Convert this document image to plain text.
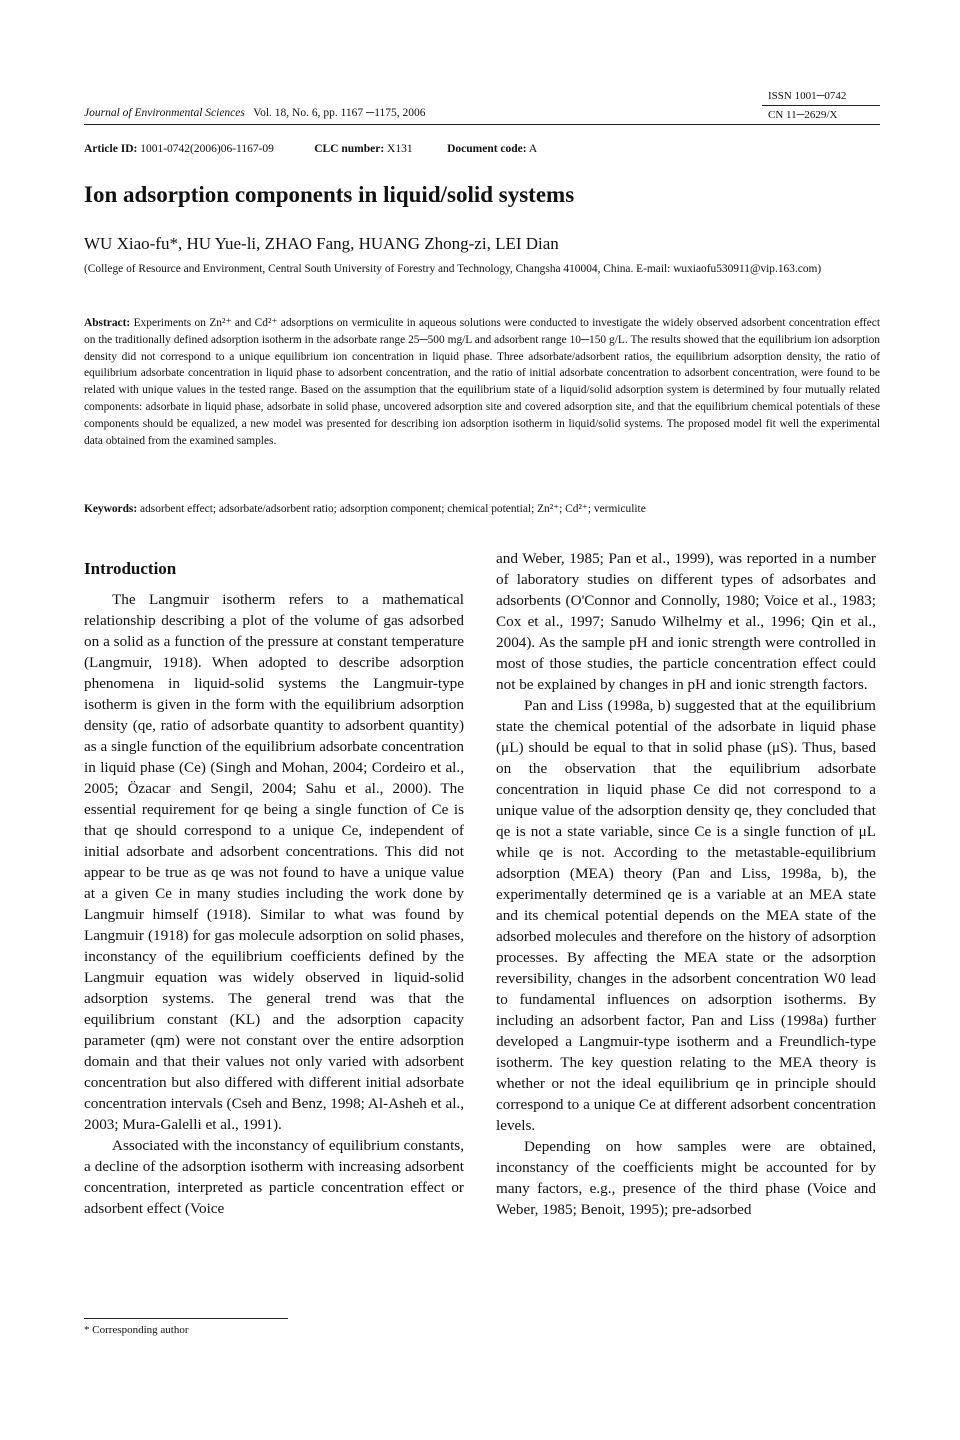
Journal of Environmental Sciences Vol. 18, No. 6, pp. 1167 ─1175, 2006
ISSN 1001─0742
CN 11─2629/X
Article ID: 1001-0742(2006)06-1167-09	CLC number: X131	Document code: A
Ion adsorption components in liquid/solid systems
WU Xiao-fu*, HU Yue-li, ZHAO Fang, HUANG Zhong-zi, LEI Dian
(College of Resource and Environment, Central South University of Forestry and Technology, Changsha 410004, China. E-mail: wuxiaofu530911@vip.163.com)
Abstract: Experiments on Zn²⁺ and Cd²⁺ adsorptions on vermiculite in aqueous solutions were conducted to investigate the widely observed adsorbent concentration effect on the traditionally defined adsorption isotherm in the adsorbate range 25─500 mg/L and adsorbent range 10─150 g/L. The results showed that the equilibrium ion adsorption density did not correspond to a unique equilibrium ion concentration in liquid phase. Three adsorbate/adsorbent ratios, the equilibrium adsorption density, the ratio of equilibrium adsorbate concentration in liquid phase to adsorbent concentration, and the ratio of initial adsorbate concentration to adsorbent concentration, were found to be related with unique values in the tested range. Based on the assumption that the equilibrium state of a liquid/solid adsorption system is determined by four mutually related components: adsorbate in liquid phase, adsorbate in solid phase, uncovered adsorption site and covered adsorption site, and that the equilibrium chemical potentials of these components should be equalized, a new model was presented for describing ion adsorption isotherm in liquid/solid systems. The proposed model fit well the experimental data obtained from the examined samples.
Keywords: adsorbent effect; adsorbate/adsorbent ratio; adsorption component; chemical potential; Zn²⁺; Cd²⁺; vermiculite
Introduction

The Langmuir isotherm refers to a mathematical relationship describing a plot of the volume of gas adsorbed on a solid as a function of the pressure at constant temperature (Langmuir, 1918). When adopted to describe adsorption phenomena in liquid-solid systems the Langmuir-type isotherm is given in the form with the equilibrium adsorption density (qe, ratio of adsorbate quantity to adsorbent quantity) as a single function of the equilibrium adsorbate concentration in liquid phase (Ce) (Singh and Mohan, 2004; Cordeiro et al., 2005; Özacar and Sengil, 2004; Sahu et al., 2000). The essential requirement for qe being a single function of Ce is that qe should correspond to a unique Ce, independent of initial adsorbate and adsorbent concentrations. This did not appear to be true as qe was not found to have a unique value at a given Ce in many studies including the work done by Langmuir himself (1918). Similar to what was found by Langmuir (1918) for gas molecule adsorption on solid phases, inconstancy of the equilibrium coefficients defined by the Langmuir equation was widely observed in liquid-solid adsorption systems. The general trend was that the equilibrium constant (KL) and the adsorption capacity parameter (qm) were not constant over the entire adsorption domain and that their values not only varied with adsorbent concentration but also differed with different initial adsorbate concentration intervals (Cseh and Benz, 1998; Al-Asheh et al., 2003; Mura-Galelli et al., 1991).

Associated with the inconstancy of equilibrium constants, a decline of the adsorption isotherm with increasing adsorbent concentration, interpreted as particle concentration effect or adsorbent effect (Voice

and Weber, 1985; Pan et al., 1999), was reported in a number of laboratory studies on different types of adsorbates and adsorbents (O'Connor and Connolly, 1980; Voice et al., 1983; Cox et al., 1997; Sanudo Wilhelmy et al., 1996; Qin et al., 2004). As the sample pH and ionic strength were controlled in most of those studies, the particle concentration effect could not be explained by changes in pH and ionic strength factors.

Pan and Liss (1998a, b) suggested that at the equilibrium state the chemical potential of the adsorbate in liquid phase (μL) should be equal to that in solid phase (μS). Thus, based on the observation that the equilibrium adsorbate concentration in liquid phase Ce did not correspond to a unique value of the adsorption density qe, they concluded that qe is not a state variable, since Ce is a single function of μL while qe is not. According to the metastable-equilibrium adsorption (MEA) theory (Pan and Liss, 1998a, b), the experimentally determined qe is a variable at an MEA state and its chemical potential depends on the MEA state of the adsorbed molecules and therefore on the history of adsorption processes. By affecting the MEA state or the adsorption reversibility, changes in the adsorbent concentration W0 lead to fundamental influences on adsorption isotherms. By including an adsorbent factor, Pan and Liss (1998a) further developed a Langmuir-type isotherm and a Freundlich-type isotherm. The key question relating to the MEA theory is whether or not the ideal equilibrium qe in principle should correspond to a unique Ce at different adsorbent concentration levels.

Depending on how samples were are obtained, inconstancy of the coefficients might be accounted for by many factors, e.g., presence of the third phase (Voice and Weber, 1985; Benoit, 1995); pre-adsorbed

* Corresponding author
